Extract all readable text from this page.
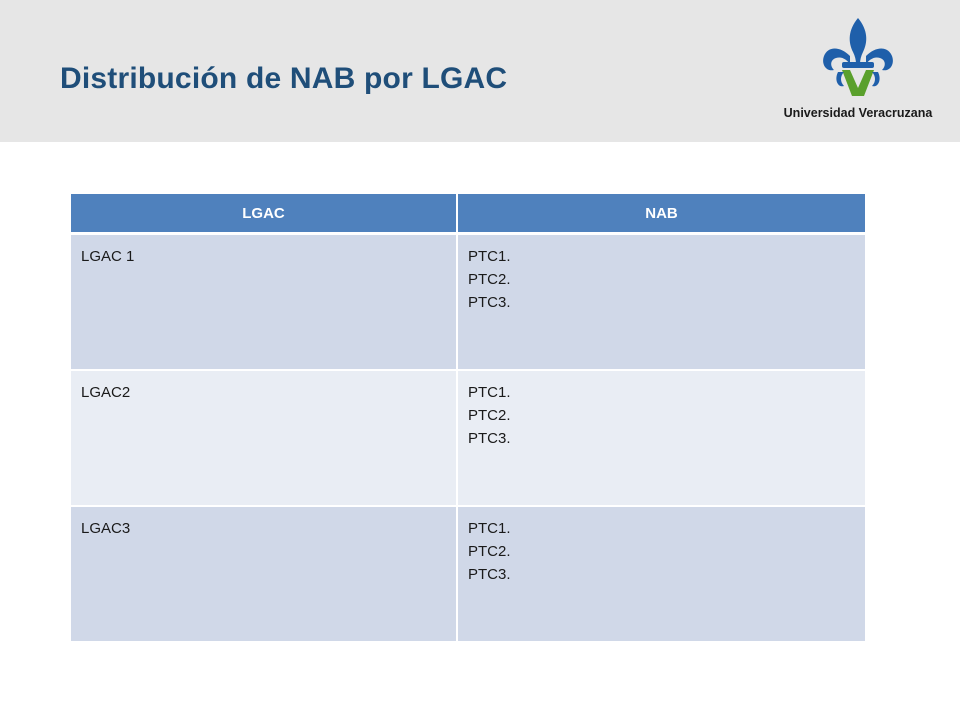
Distribución de NAB por LGAC
Universidad Veracruzana
LGAC	NAB
LGAC 1	PTC1.
PTC2.
PTC3.

LGAC2	PTC1.
PTC2.
PTC3.

LGAC3	PTC1.
PTC2.
PTC3.
